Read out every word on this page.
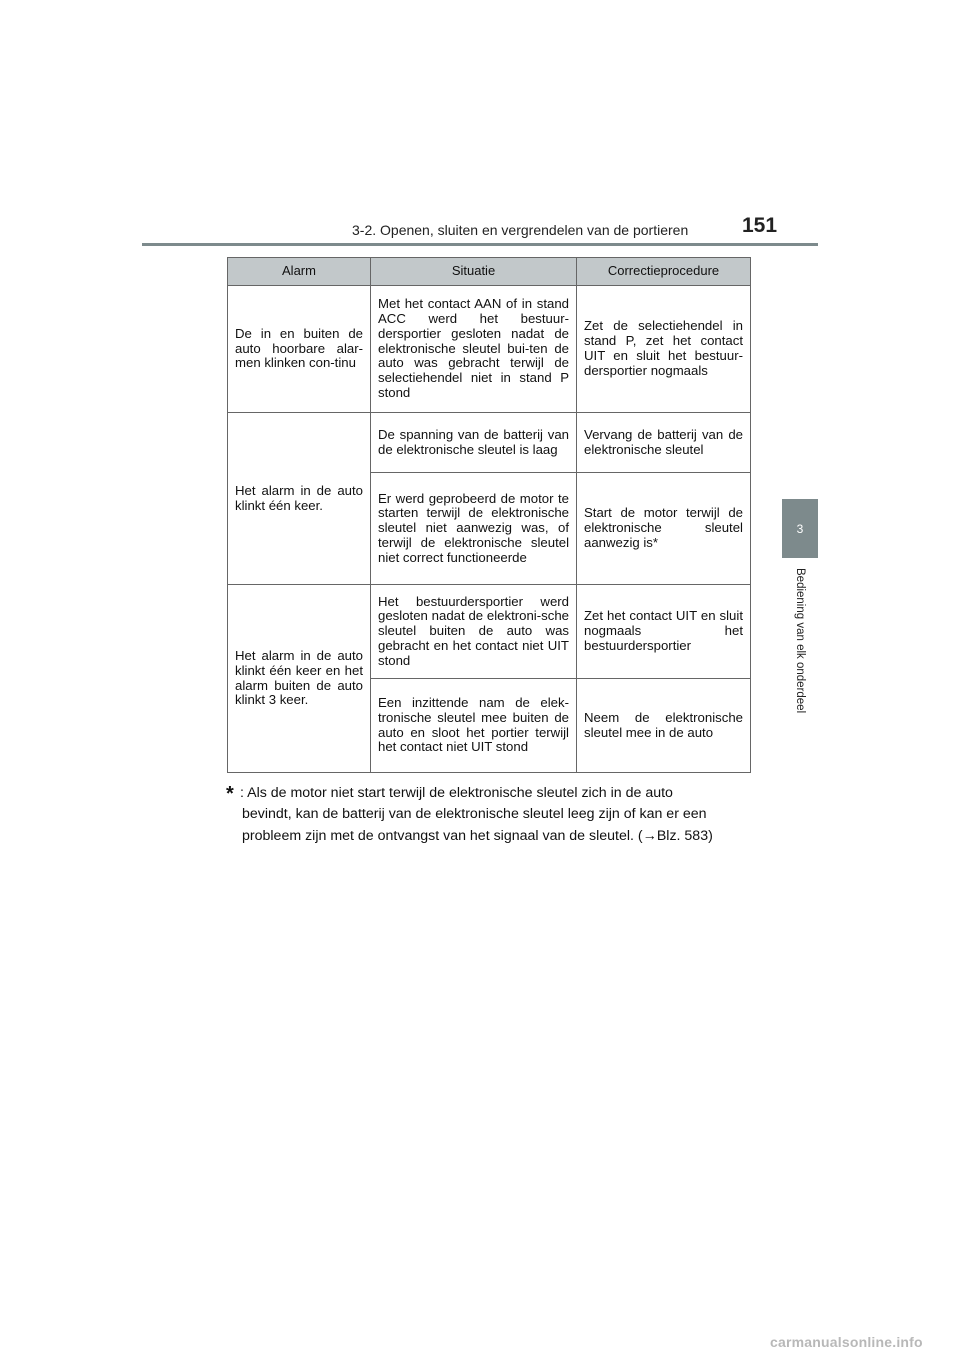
3-2. Openen, sluiten en vergrendelen van de portieren	151
3
Bediening van elk onderdeel
Alarm	Situatie	Correctieprocedure
De in en buiten de auto hoorbare alar-men klinken con-tinu	Met het contact AAN of in stand ACC werd het bestuur-dersportier gesloten nadat de elektronische sleutel bui-ten de auto was gebracht terwijl de selectiehendel niet in stand P stond	Zet de selectiehendel in stand P, zet het contact UIT en sluit het bestuur-dersportier nogmaals
Het alarm in de auto klinkt één keer.	De spanning van de batterij van de elektronische sleutel is laag	Vervang de batterij van de elektronische sleutel
	Er werd geprobeerd de motor te starten terwijl de elektronische sleutel niet aanwezig was, of terwijl de elektronische sleutel niet correct functioneerde	Start de motor terwijl de elektronische sleutel aanwezig is*
Het alarm in de auto klinkt één keer en het alarm buiten de auto klinkt 3 keer.	Het bestuurdersportier werd gesloten nadat de elektroni-sche sleutel buiten de auto was gebracht en het contact niet UIT stond	Zet het contact UIT en sluit nogmaals het bestuurdersportier
	Een inzittende nam de elek-tronische sleutel mee buiten de auto en sloot het portier terwijl het contact niet UIT stond	Neem de elektronische sleutel mee in de auto
* : Als de motor niet start terwijl de elektronische sleutel zich in de auto
bevindt, kan de batterij van de elektronische sleutel leeg zijn of kan er een
probleem zijn met de ontvangst van het signaal van de sleutel. (→Blz. 583)
carmanualsonline.info
